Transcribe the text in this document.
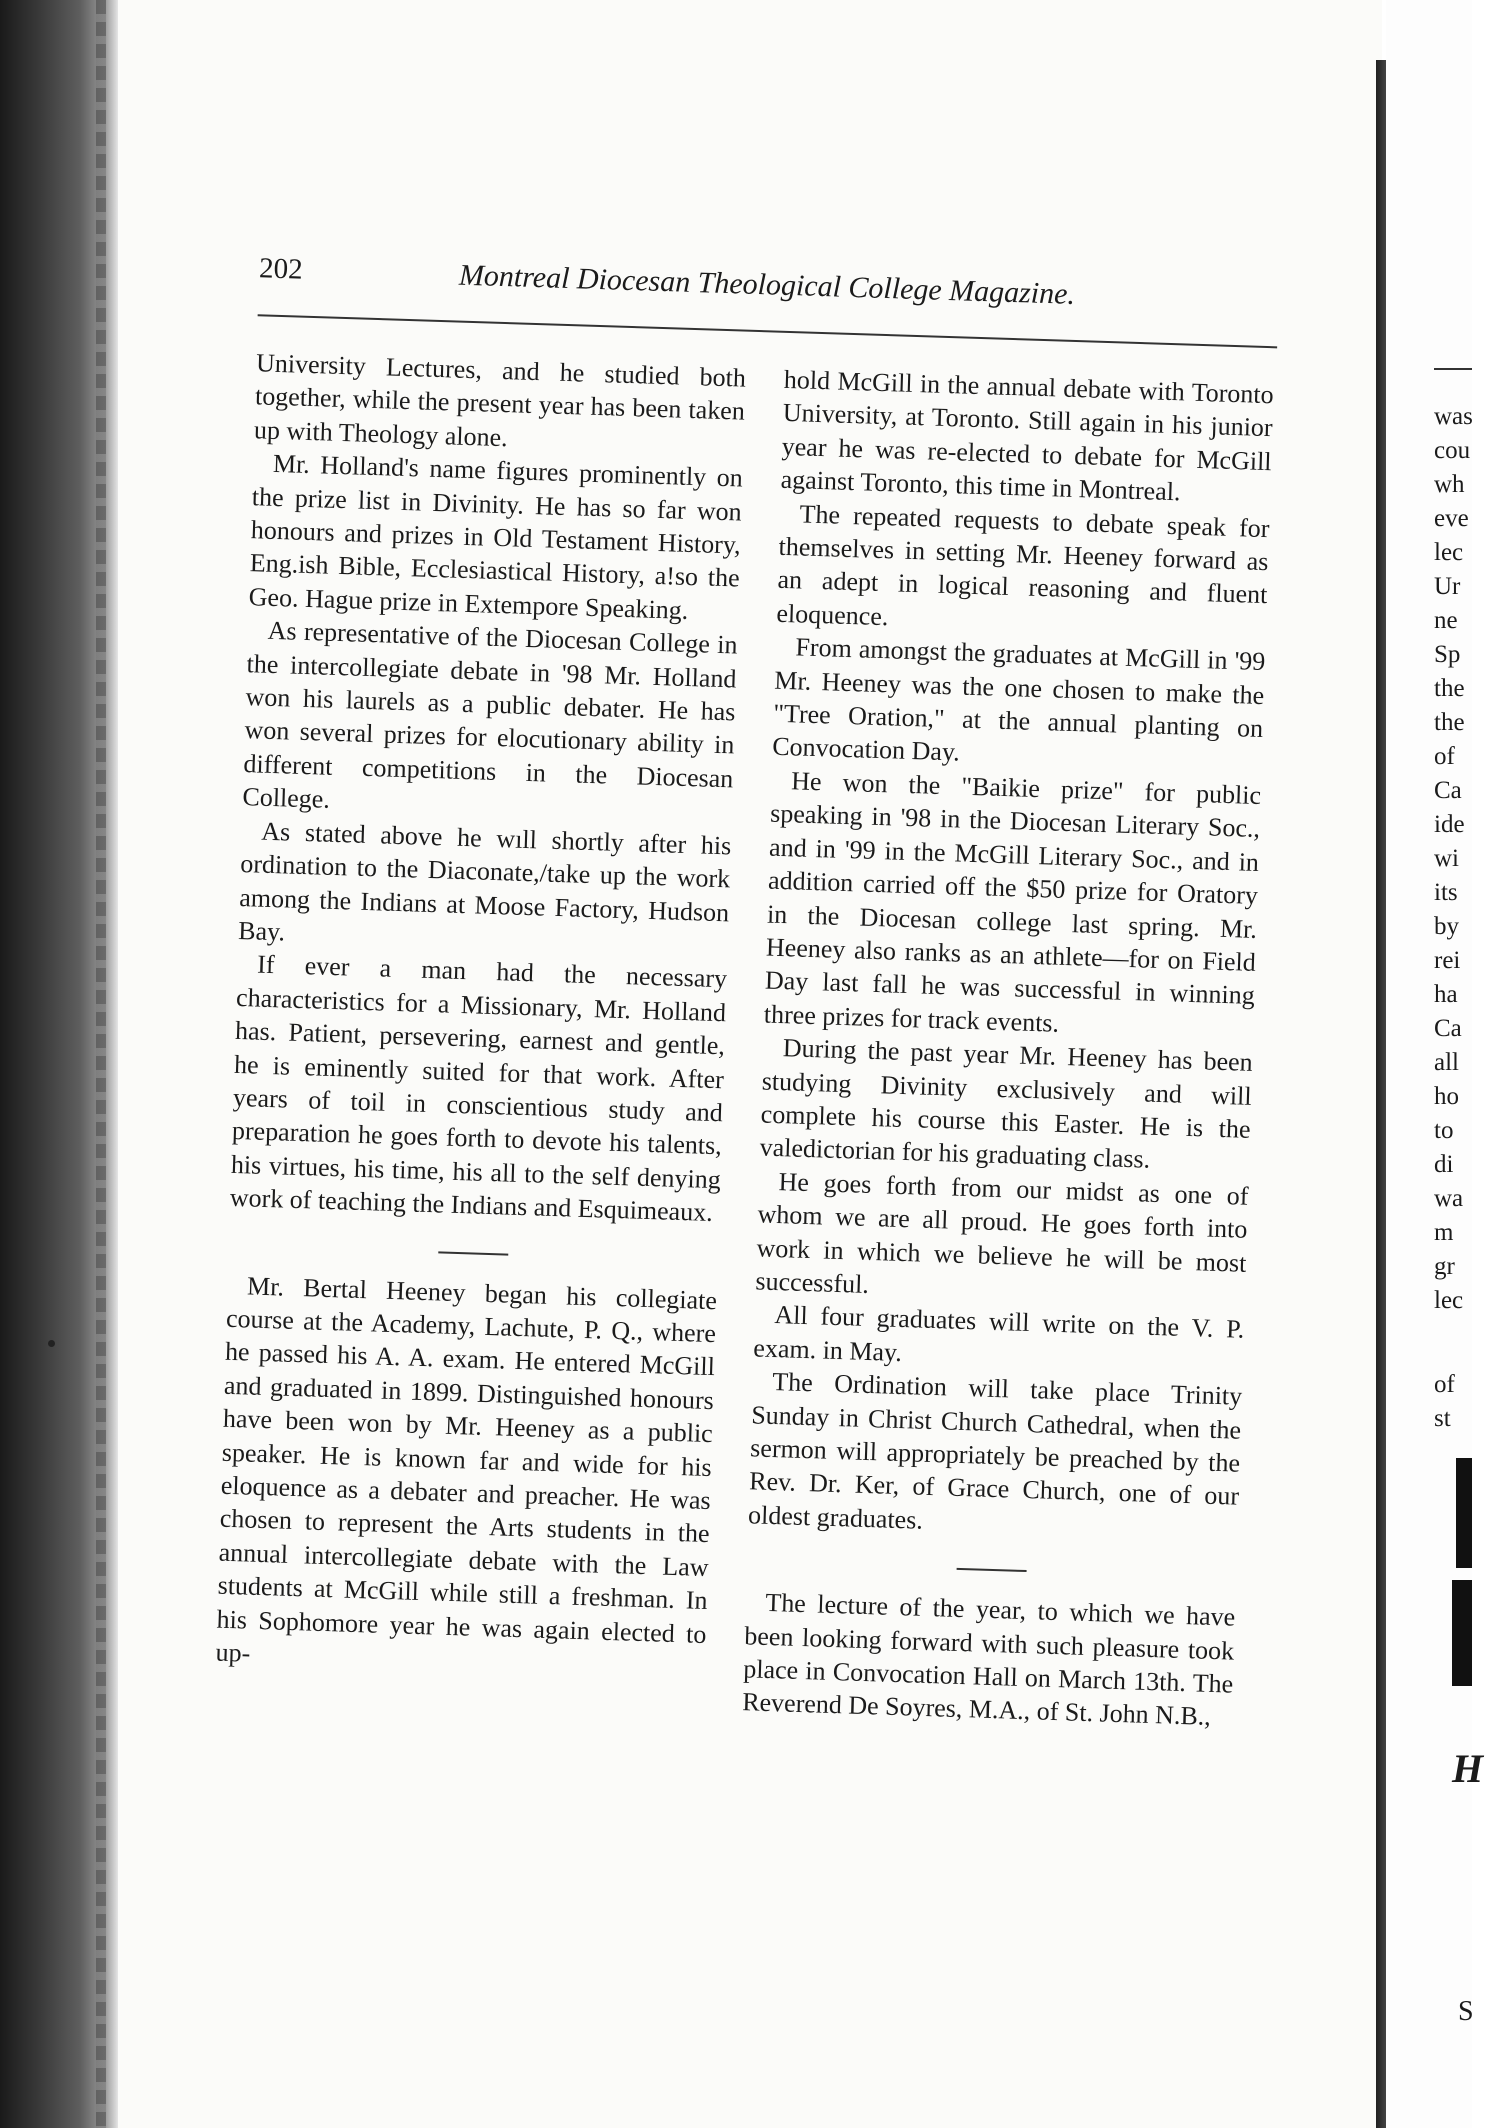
was
cou
wh
eve
lec
Ur
ne
Sp
the
the
of
Ca
ide
wi
its
by
rei
ha
Ca
all
ho
to
di
wa
m
gr
lec
of
st
H
S
202	Montreal Diocesan Theological College Magazine.

University Lectures, and he studied both together, while the present year has been taken up with Theology alone.

Mr. Holland's name figures prominently on the prize list in Divinity. He has so far won honours and prizes in Old Testament History, Eng.ish Bible, Ecclesiastical History, a!so the Geo. Hague prize in Extempore Speaking.

As representative of the Diocesan College in the intercollegiate debate in '98 Mr. Holland won his laurels as a public debater. He has won several prizes for elocutionary ability in different competitions in the Diocesan College.

As stated above he wıll shortly after his ordination to the Diaconate,/take up the work among the Indians at Moose Factory, Hudson Bay.

If ever a man had the necessary characteristics for a Missionary, Mr. Holland has. Patient, persevering, earnest and gentle, he is eminently suited for that work. After years of toil in conscientious study and preparation he goes forth to devote his talents, his virtues, his time, his all to the self denying work of teaching the Indians and Esquimeaux.

Mr. Bertal Heeney began his collegiate course at the Academy, Lachute, P. Q., where he passed his A. A. exam. He entered McGill and graduated in 1899. Distinguished honours have been won by Mr. Heeney as a public speaker. He is known far and wide for his eloquence as a debater and preacher. He was chosen to represent the Arts students in the annual intercollegiate debate with the Law students at McGill while still a freshman. In his Sophomore year he was again elected to up-

hold McGill in the annual debate with Toronto University, at Toronto. Still again in his junior year he was re-elected to debate for McGill against Toronto, this time in Montreal.

The repeated requests to debate speak for themselves in setting Mr. Heeney forward as an adept in logical reasoning and fluent eloquence.

From amongst the graduates at McGill in '99 Mr. Heeney was the one chosen to make the "Tree Oration," at the annual planting on Convocation Day.

He won the "Baikie prize" for public speaking in '98 in the Diocesan Literary Soc., and in '99 in the McGill Literary Soc., and in addition carried off the $50 prize for Oratory in the Diocesan college last spring. Mr. Heeney also ranks as an athlete—for on Field Day last fall he was successful in winning three prizes for track events.

During the past year Mr. Heeney has been studying Divinity exclusively and will complete his course this Easter. He is the valedictorian for his graduating class.

He goes forth from our midst as one of whom we are all proud. He goes forth into work in which we believe he will be most successful.

All four graduates will write on the V. P. exam. in May.

The Ordination will take place Trinity Sunday in Christ Church Cathedral, when the sermon will appropriately be preached by the Rev. Dr. Ker, of Grace Church, one of our oldest graduates.

The lecture of the year, to which we have been looking forward with such pleasure took place in Convocation Hall on March 13th. The Reverend De Soyres, M.A., of St. John N.B.,
